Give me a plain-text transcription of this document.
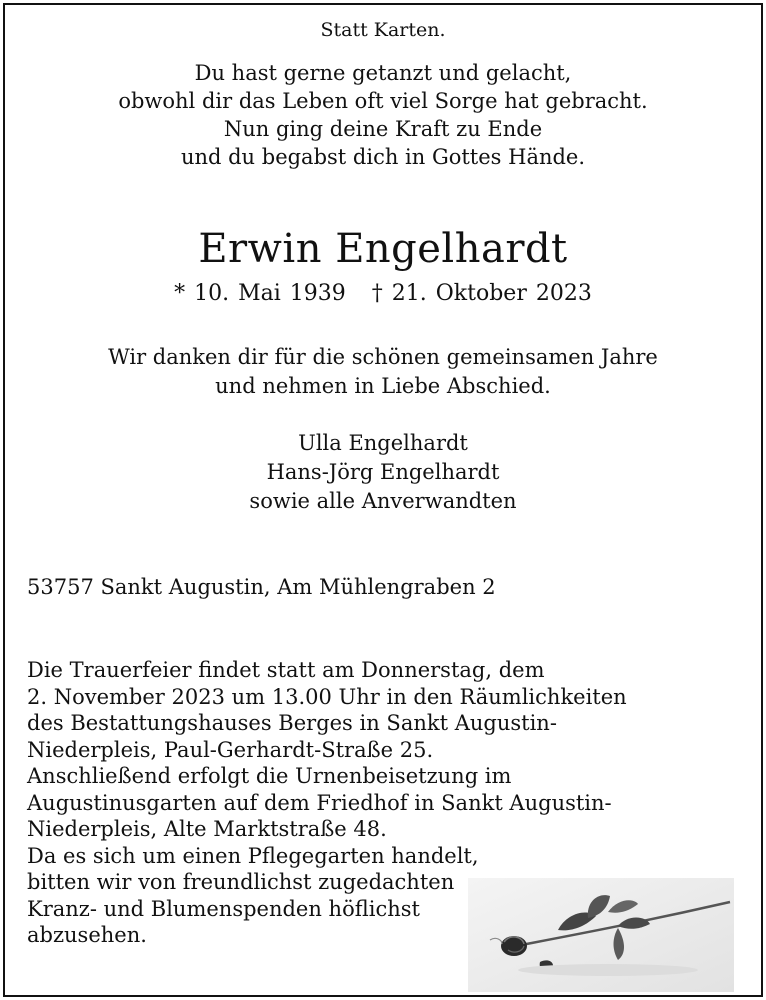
Statt Karten.
Du hast gerne getanzt und gelacht,
obwohl dir das Leben oft viel Sorge hat gebracht.
Nun ging deine Kraft zu Ende
und du begabst dich in Gottes Hände.
Erwin Engelhardt
* 10. Mai 1939 † 21. Oktober 2023
Wir danken dir für die schönen gemeinsamen Jahre
und nehmen in Liebe Abschied.
Ulla Engelhardt
Hans-Jörg Engelhardt
sowie alle Anverwandten
53757 Sankt Augustin, Am Mühlengraben 2
Die Trauerfeier findet statt am Donnerstag, dem
2. November 2023 um 13.00 Uhr in den Räumlichkeiten
des Bestattungshauses Berges in Sankt Augustin-
Niederpleis, Paul-Gerhardt-Straße 25.
Anschließend erfolgt die Urnenbeisetzung im
Augustinusgarten auf dem Friedhof in Sankt Augustin-
Niederpleis, Alte Marktstraße 48.
Da es sich um einen Pflegegarten handelt,
bitten wir von freundlichst zugedachten
Kranz- und Blumenspenden höflichst
abzusehen.
